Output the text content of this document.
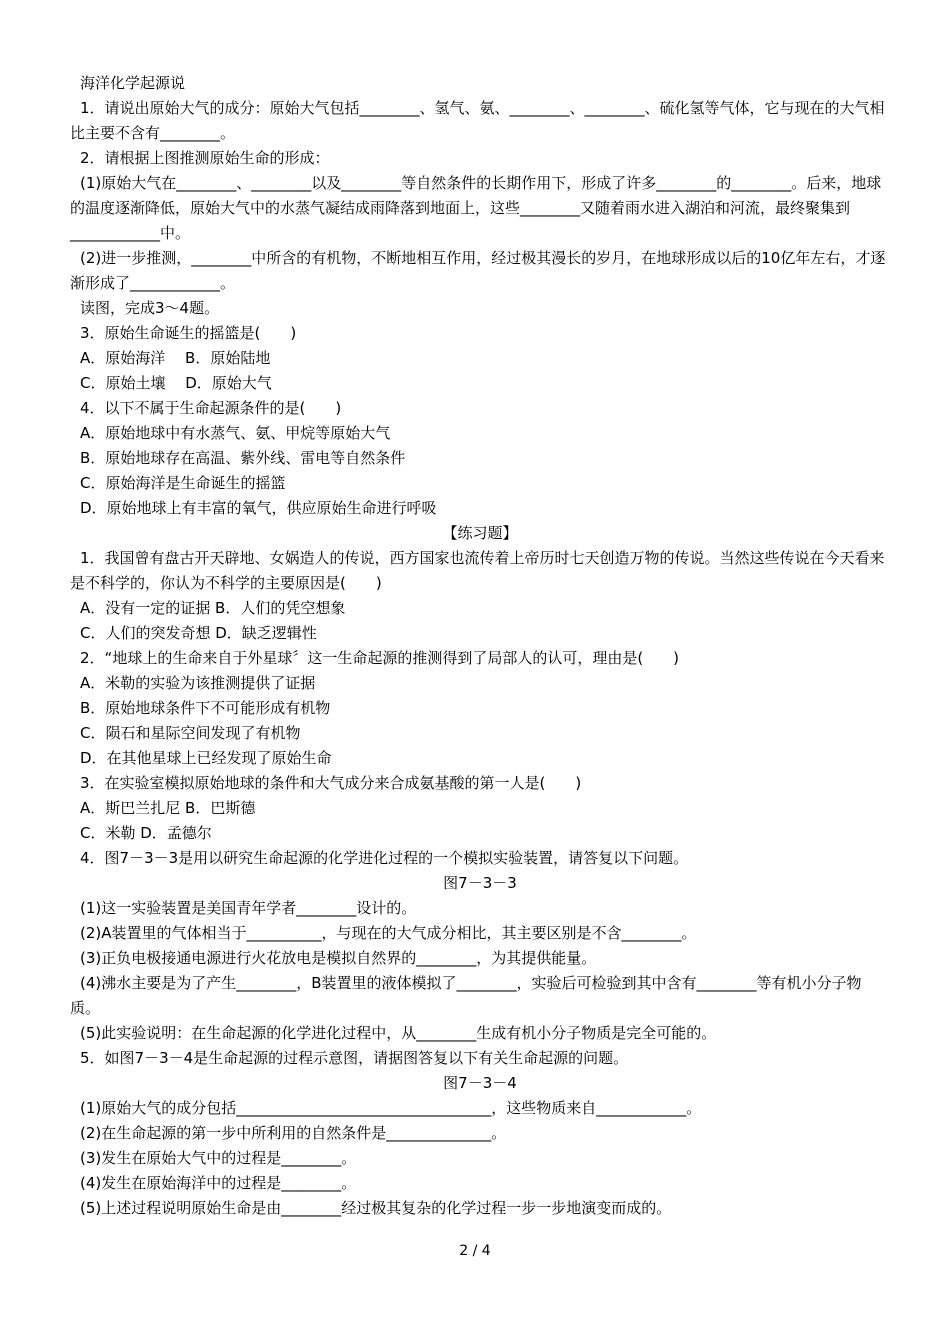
海洋化学起源说

1．请说出原始大气的成分：原始大气包括________、氢气、氨、________、________、硫化氢等气体，它与现在的大气相比主要不含有________。

2．请根据上图推测原始生命的形成：

(1)原始大气在________、________以及________等自然条件的长期作用下，形成了许多________的________。后来，地球的温度逐渐降低，原始大气中的水蒸气凝结成雨降落到地面上，这些________又随着雨水进入湖泊和河流，最终聚集到____________中。

(2)进一步推测，________中所含的有机物，不断地相互作用，经过极其漫长的岁月，在地球形成以后的10亿年左右，才逐渐形成了____________。

读图，完成3～4题。

3．原始生命诞生的摇篮是(　　)

A．原始海洋　 B．原始陆地

C．原始土壤　 D．原始大气

4．以下不属于生命起源条件的是(　　)

A．原始地球中有水蒸气、氨、甲烷等原始大气

B．原始地球存在高温、紫外线、雷电等自然条件

C．原始海洋是生命诞生的摇篮

D．原始地球上有丰富的氧气，供应原始生命进行呼吸

【练习题】

1．我国曾有盘古开天辟地、女娲造人的传说，西方国家也流传着上帝历时七天创造万物的传说。当然这些传说在今天看来是不科学的，你认为不科学的主要原因是(　　)

A．没有一定的证据 B．人们的凭空想象

C．人们的突发奇想 D．缺乏逻辑性

2．“地球上的生命来自于外星球〞这一生命起源的推测得到了局部人的认可，理由是(　　)

A．米勒的实验为该推测提供了证据

B．原始地球条件下不可能形成有机物

C．陨石和星际空间发现了有机物

D．在其他星球上已经发现了原始生命

3．在实验室模拟原始地球的条件和大气成分来合成氨基酸的第一人是(　　)

A．斯巴兰扎尼 B．巴斯德

C．米勒 D．孟德尔

4．图7－3－3是用以研究生命起源的化学进化过程的一个模拟实验装置，请答复以下问题。

图7－3－3

(1)这一实验装置是美国青年学者________设计的。

(2)A装置里的气体相当于__________，与现在的大气成分相比，其主要区别是不含________。

(3)正负电极接通电源进行火花放电是模拟自然界的________，为其提供能量。

(4)沸水主要是为了产生________，B装置里的液体模拟了________，实验后可检验到其中含有________等有机小分子物质。

(5)此实验说明：在生命起源的化学进化过程中，从________生成有机小分子物质是完全可能的。

5．如图7－3－4是生命起源的过程示意图，请据图答复以下有关生命起源的问题。

图7－3－4

(1)原始大气的成分包括__________________________________，这些物质来自____________。

(2)在生命起源的第一步中所利用的自然条件是______________。

(3)发生在原始大气中的过程是________。

(4)发生在原始海洋中的过程是________。

(5)上述过程说明原始生命是由________经过极其复杂的化学过程一步一步地演变而成的。

2 / 4
